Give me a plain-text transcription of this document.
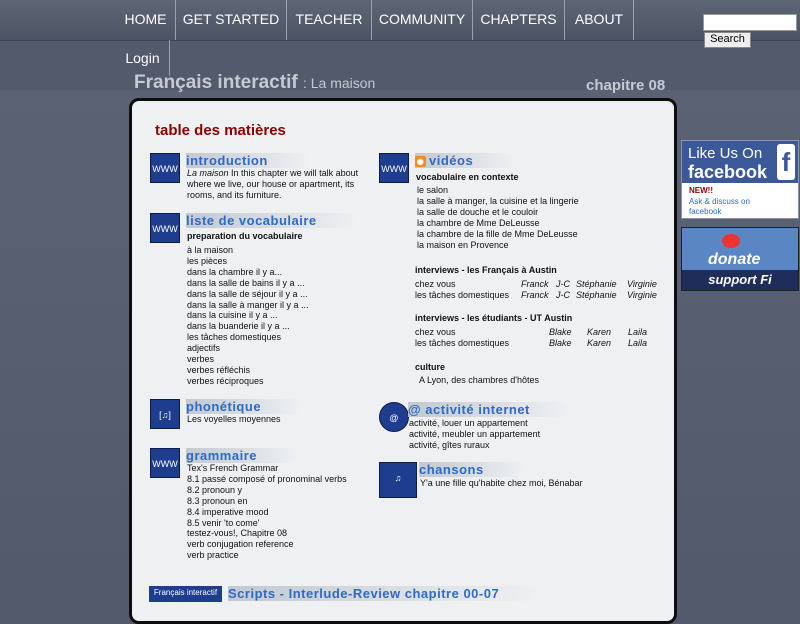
HOME	GET STARTED	TEACHER	COMMUNITY	CHAPTERS	ABOUT
Login
Search
Français interactif : La maison	chapitre 08
table des matières
WWW
introduction
La maison In this chapter we will talk about
where we live, our house or apartment, its
rooms, and its furniture.
WWW
liste de vocabulaire
preparation du vocabulaire
à la maison
les pièces
dans la chambre il y a...
dans la salle de bains il y a ...
dans la salle de séjour il y a ...
dans la salle à manger il y a ...
dans la cuisine il y a ...
dans la buanderie il y a ...
les tâches domestiques
adjectifs
verbes
verbes réfléchis
verbes réciproques
[♫]
phonétique
Les voyelles moyennes
WWW
grammaire
Tex's French Grammar
8.1 passé composé of pronominal verbs
8.2 pronoun y
8.3 pronoun en
8.4 imperative mood
8.5 venir 'to come'
testez-vous!, Chapitre 08
verb conjugation reference
verb practice
WWW
◉ vidéos
vocabulaire en contexte
le salon
la salle à manger, la cuisine et la lingerie
la salle de douche et le couloir
la chambre de Mme DeLeusse
la chambre de la fille de Mme DeLeusse
la maison en Provence
interviews - les Français à Austin
chez vous	Franck	J-C	Stéphanie	Virginie
les tâches domestiques	Franck	J-C	Stéphanie	Virginie
interviews - les étudiants - UT Austin
chez vous	Blake	Karen	Laila
les tâches domestiques	Blake	Karen	Laila
culture
A Lyon, des chambres d'hôtes
@
@ activité internet
activité, louer un appartement
activité, meubler un appartement
activité, gîtes ruraux
♫
chansons
Y'a une fille qu'habite chez moi, Bénabar
Français interactif Scripts - Interlude-Review chapitre 00-07
Like Us On
facebook f
NEW!!
Ask & discuss on
facebook
donate
support Fi
